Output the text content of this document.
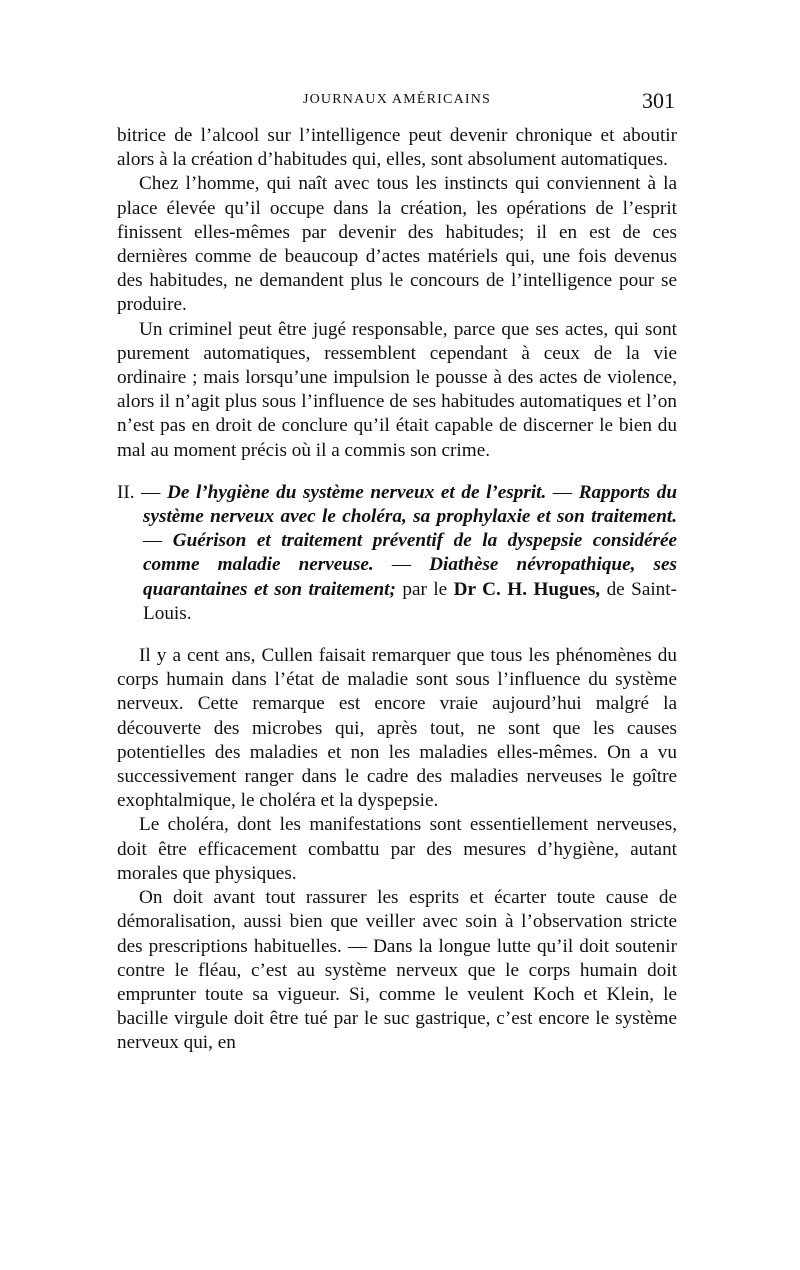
JOURNAUX AMÉRICAINS	301

bitrice de l’alcool sur l’intelligence peut devenir chronique et aboutir alors à la création d’habitudes qui, elles, sont absolument automatiques.

Chez l’homme, qui naît avec tous les instincts qui conviennent à la place élevée qu’il occupe dans la création, les opérations de l’esprit finissent elles-mêmes par devenir des habitudes; il en est de ces dernières comme de beaucoup d’actes matériels qui, une fois devenus des habitudes, ne demandent plus le concours de l’intelligence pour se produire.

Un criminel peut être jugé responsable, parce que ses actes, qui sont purement automatiques, ressemblent cependant à ceux de la vie ordinaire ; mais lorsqu’une impulsion le pousse à des actes de violence, alors il n’agit plus sous l’influence de ses habitudes automatiques et l’on n’est pas en droit de conclure qu’il était capable de discerner le bien du mal au moment précis où il a commis son crime.

II. — De l’hygiène du système nerveux et de l’esprit. — Rapports du système nerveux avec le choléra, sa prophylaxie et son traitement. — Guérison et traitement préventif de la dyspepsie considérée comme maladie nerveuse. — Diathèse névropathique, ses quarantaines et son traitement; par le Dr C. H. Hugues, de Saint-Louis.

Il y a cent ans, Cullen faisait remarquer que tous les phénomènes du corps humain dans l’état de maladie sont sous l’influence du système nerveux. Cette remarque est encore vraie aujourd’hui malgré la découverte des microbes qui, après tout, ne sont que les causes potentielles des maladies et non les maladies elles-mêmes. On a vu successivement ranger dans le cadre des maladies nerveuses le goître exophtalmique, le choléra et la dyspepsie.

Le choléra, dont les manifestations sont essentiellement nerveuses, doit être efficacement combattu par des mesures d’hygiène, autant morales que physiques.

On doit avant tout rassurer les esprits et écarter toute cause de démoralisation, aussi bien que veiller avec soin à l’observation stricte des prescriptions habituelles. — Dans la longue lutte qu’il doit soutenir contre le fléau, c’est au système nerveux que le corps humain doit emprunter toute sa vigueur. Si, comme le veulent Koch et Klein, le bacille virgule doit être tué par le suc gastrique, c’est encore le système nerveux qui, en
